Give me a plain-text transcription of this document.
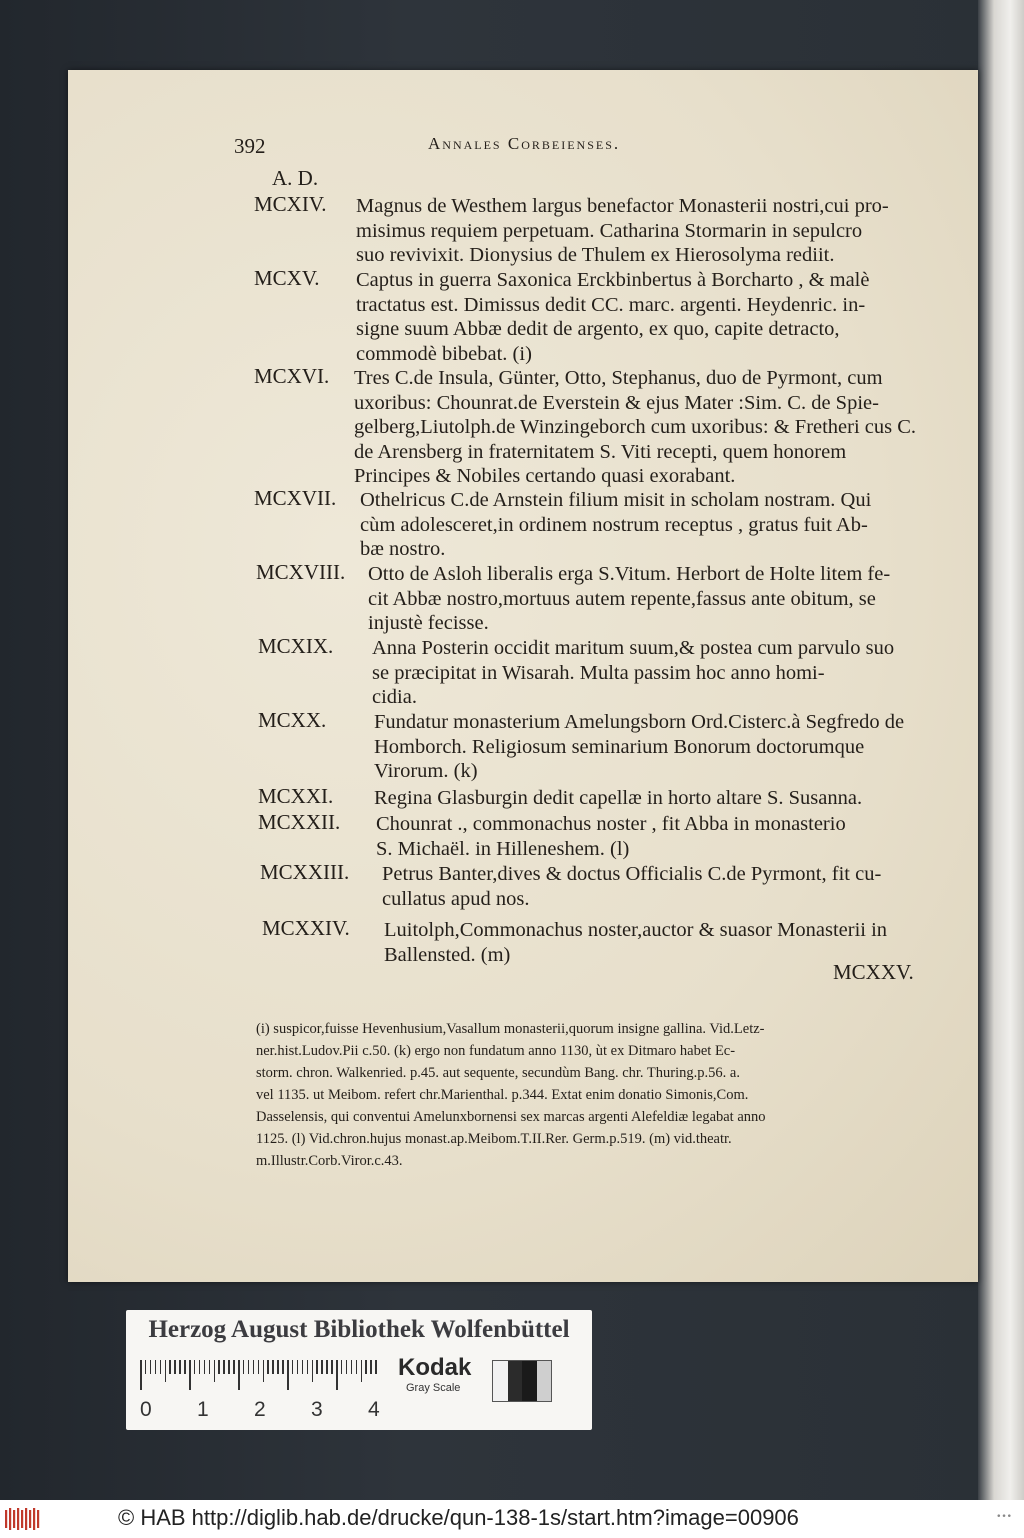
392	Annales Corbeienses.
A. D.
MCXIV. Magnus de Westhem largus benefactor Monasterii nostri,cui pro-
misimus requiem perpetuam. Catharina Stormarin in sepulcro
suo revivixit. Dionysius de Thulem ex Hierosolyma rediit.
MCXV. Captus in guerra Saxonica Erckbinbertus à Borcharto , & malè
tractatus est. Dimissus dedit CC. marc. argenti. Heydenric. in-
signe suum Abbæ dedit de argento, ex quo, capite detracto,
commodè bibebat. (i)
MCXVI. Tres C.de Insula, Günter, Otto, Stephanus, duo de Pyrmont, cum
uxoribus: Chounrat.de Everstein & ejus Mater :Sim. C. de Spie-
gelberg,Liutolph.de Winzingeborch cum uxoribus: & Fretheri cus C.
de Arensberg in fraternitatem S. Viti recepti, quem honorem
Principes & Nobiles certando quasi exorabant.
MCXVII. Othelricus C.de Arnstein filium misit in scholam nostram. Qui
cùm adolesceret,in ordinem nostrum receptus , gratus fuit Ab-
bæ nostro.
MCXVIII. Otto de Asloh liberalis erga S.Vitum. Herbort de Holte litem fe-
cit Abbæ nostro,mortuus autem repente,fassus ante obitum, se
injustè fecisse.
MCXIX. Anna Posterin occidit maritum suum,& postea cum parvulo suo
se præcipitat in Wisarah. Multa passim hoc anno homi-
cidia.
MCXX. Fundatur monasterium Amelungsborn Ord.Cisterc.à Segfredo de
Homborch. Religiosum seminarium Bonorum doctorumque
Virorum. (k)
MCXXI. Regina Glasburgin dedit capellæ in horto altare S. Susanna.
MCXXII. Chounrat ., commonachus noster , fit Abba in monasterio
S. Michaël. in Hilleneshem. (l)
MCXXIII. Petrus Banter,dives & doctus Officialis C.de Pyrmont, fit cu-
cullatus apud nos.
MCXXIV. Luitolph,Commonachus noster,auctor & suasor Monasterii in
Ballensted. (m)
MCXXV.
(i) suspicor,fuisse Hevenhusium,Vasallum monasterii,quorum insigne gallina. Vid.Letz-
ner.hist.Ludov.Pii c.50. (k) ergo non fundatum anno 1130, ùt ex Ditmaro habet Ec-
storm. chron. Walkenried. p.45. aut sequente, secundùm Bang. chr. Thuring.p.56. a.
vel 1135. ut Meibom. refert chr.Marienthal. p.344. Extat enim donatio Simonis,Com.
Dasselensis, qui conventui Amelunxbornensi sex marcas argenti Alefeldiæ legabat anno
1125. (l) Vid.chron.hujus monast.ap.Meibom.T.II.Rer. Germ.p.519. (m) vid.theatr.
m.Illustr.Corb.Viror.c.43.
Herzog August Bibliothek Wolfenbüttel
0 1 2 3 4
Kodak
Gray Scale
© HAB http://diglib.hab.de/drucke/qun-138-1s/start.htm?image=00906	•••
